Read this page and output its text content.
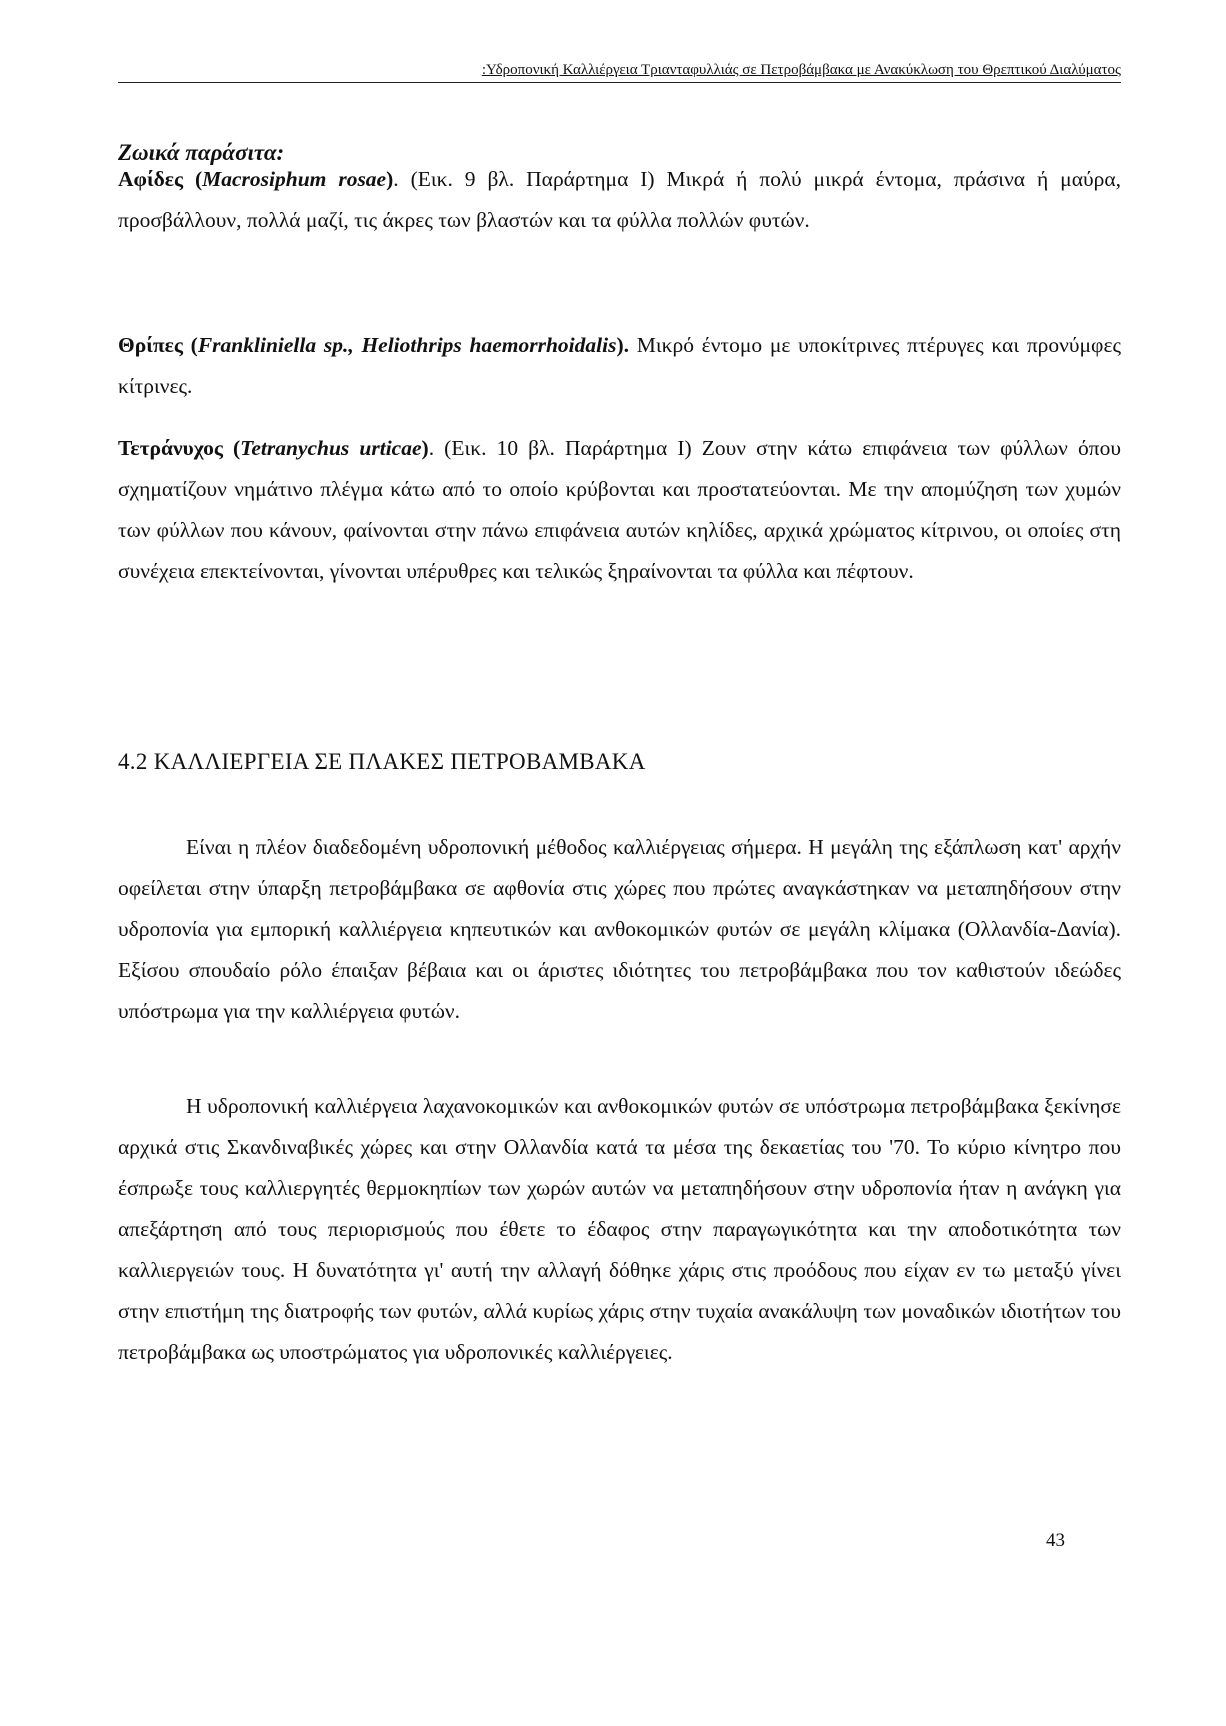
:Υδροπονική Καλλιέργεια Τριανταφυλλιάς σε Πετροβάμβακα με Ανακύκλωση του Θρεπτικού Διαλύματος
Ζωικά παράσιτα:
Αφίδες (Macrosiphum rosae). (Εικ. 9 βλ. Παράρτημα Ι) Μικρά ή πολύ μικρά έντομα, πράσινα ή μαύρα, προσβάλλουν, πολλά μαζί, τις άκρες των βλαστών και τα φύλλα πολλών φυτών.
Θρίπες (Frankliniella sp., Heliothrips haemorrhoidalis). Μικρό έντομο με υποκίτρινες πτέρυγες και προνύμφες κίτρινες.
Τετράνυχος (Tetranychus urticae). (Εικ. 10 βλ. Παράρτημα Ι) Ζουν στην κάτω επιφάνεια των φύλλων όπου σχηματίζουν νημάτινο πλέγμα κάτω από το οποίο κρύβονται και προστατεύονται. Με την απομύζηση των χυμών των φύλλων που κάνουν, φαίνονται στην πάνω επιφάνεια αυτών κηλίδες, αρχικά χρώματος κίτρινου, οι οποίες στη συνέχεια επεκτείνονται, γίνονται υπέρυθρες και τελικώς ξηραίνονται τα φύλλα και πέφτουν.
4.2 ΚΑΛΛΙΕΡΓΕΙΑ ΣΕ ΠΛΑΚΕΣ ΠΕΤΡΟΒΑΜΒΑΚΑ
Είναι η πλέον διαδεδομένη υδροπονική μέθοδος καλλιέργειας σήμερα. Η μεγάλη της εξάπλωση κατ' αρχήν οφείλεται στην ύπαρξη πετροβάμβακα σε αφθονία στις χώρες που πρώτες αναγκάστηκαν να μεταπηδήσουν στην υδροπονία για εμπορική καλλιέργεια κηπευτικών και ανθοκομικών φυτών σε μεγάλη κλίμακα (Ολλανδία-Δανία). Εξίσου σπουδαίο ρόλο έπαιξαν βέβαια και οι άριστες ιδιότητες του πετροβάμβακα που τον καθιστούν ιδεώδες υπόστρωμα για την καλλιέργεια φυτών.
Η υδροπονική καλλιέργεια λαχανοκομικών και ανθοκομικών φυτών σε υπόστρωμα πετροβάμβακα ξεκίνησε αρχικά στις Σκανδιναβικές χώρες και στην Ολλανδία κατά τα μέσα της δεκαετίας του '70. Το κύριο κίνητρο που έσπρωξε τους καλλιεργητές θερμοκηπίων των χωρών αυτών να μεταπηδήσουν στην υδροπονία ήταν η ανάγκη για απεξάρτηση από τους περιορισμούς που έθετε το έδαφος στην παραγωγικότητα και την αποδοτικότητα των καλλιεργειών τους. Η δυνατότητα γι' αυτή την αλλαγή δόθηκε χάρις στις προόδους που είχαν εν τω μεταξύ γίνει στην επιστήμη της διατροφής των φυτών, αλλά κυρίως χάρις στην τυχαία ανακάλυψη των μοναδικών ιδιοτήτων του πετροβάμβακα ως υποστρώματος για υδροπονικές καλλιέργειες.
43
